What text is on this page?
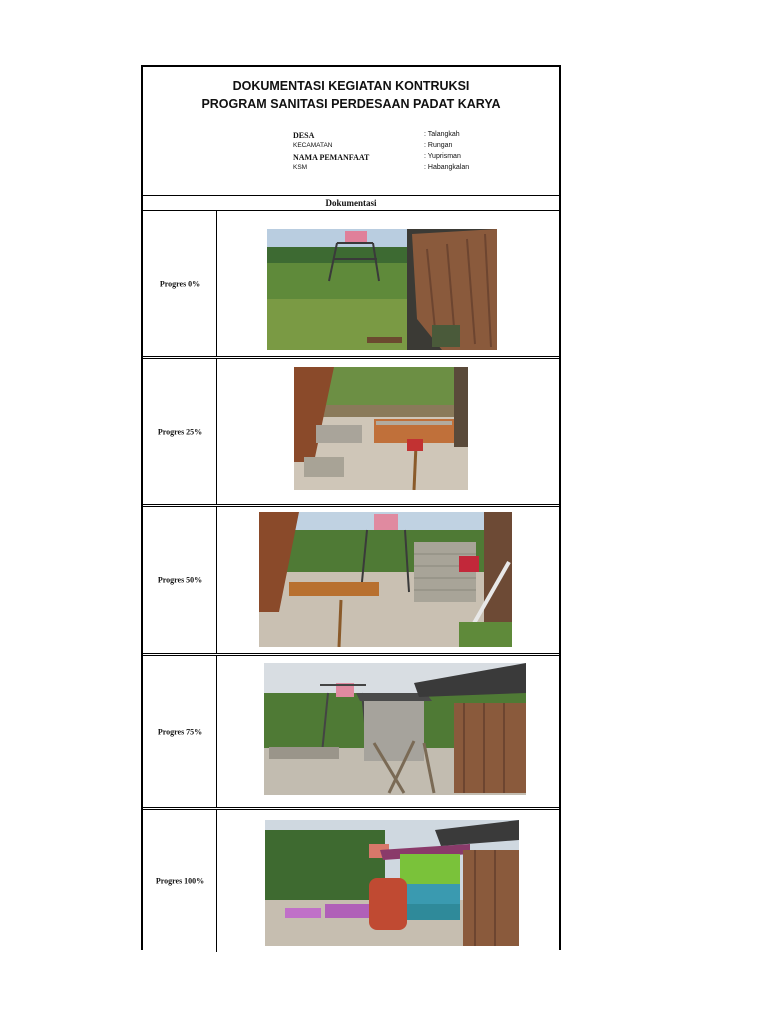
DOKUMENTASI KEGIATAN KONTRUKSI
PROGRAM SANITASI PERDESAAN PADAT KARYA
DESA	: Talangkah
KECAMATAN	: Rungan
NAMA PEMANFAAT	: Yuprisman
KSM	: Habangkalan
Dokumentasi
Progres 0%
Progres 25%
Progres 50%
Progres 75%
Progres 100%
